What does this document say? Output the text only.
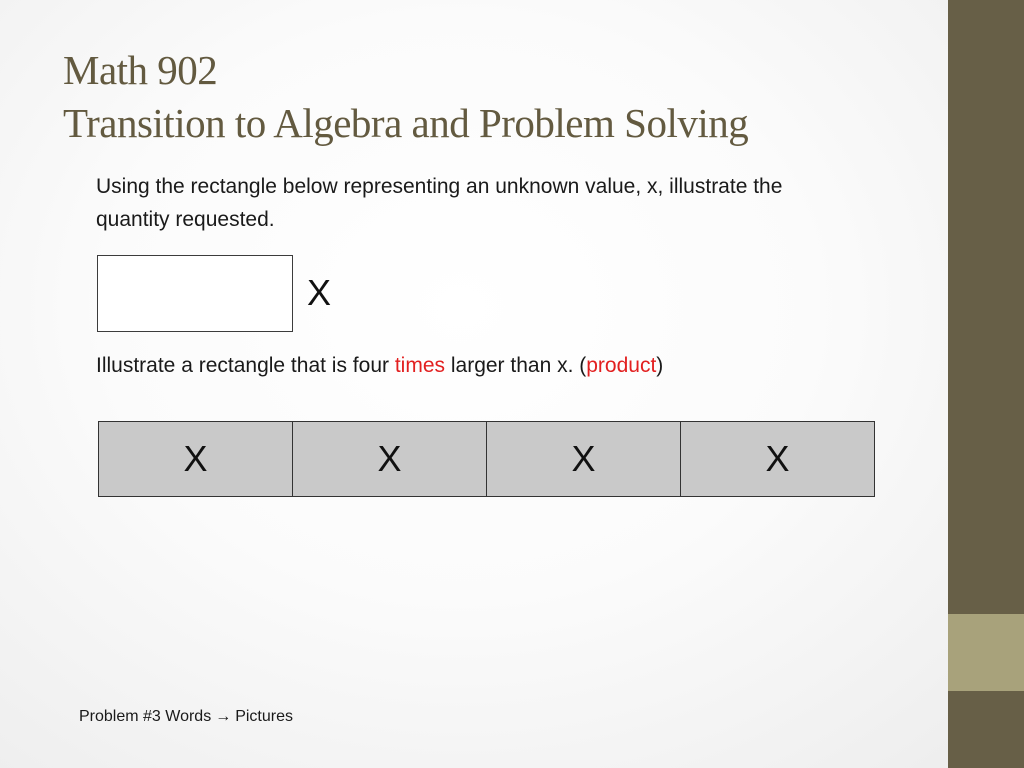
Math 902
Transition to Algebra and Problem Solving
Using the rectangle below representing an unknown value, x, illustrate the quantity requested.
X
Illustrate a rectangle that is four times larger than x. (product)
X	X	X	X
Problem #3 Words → Pictures
